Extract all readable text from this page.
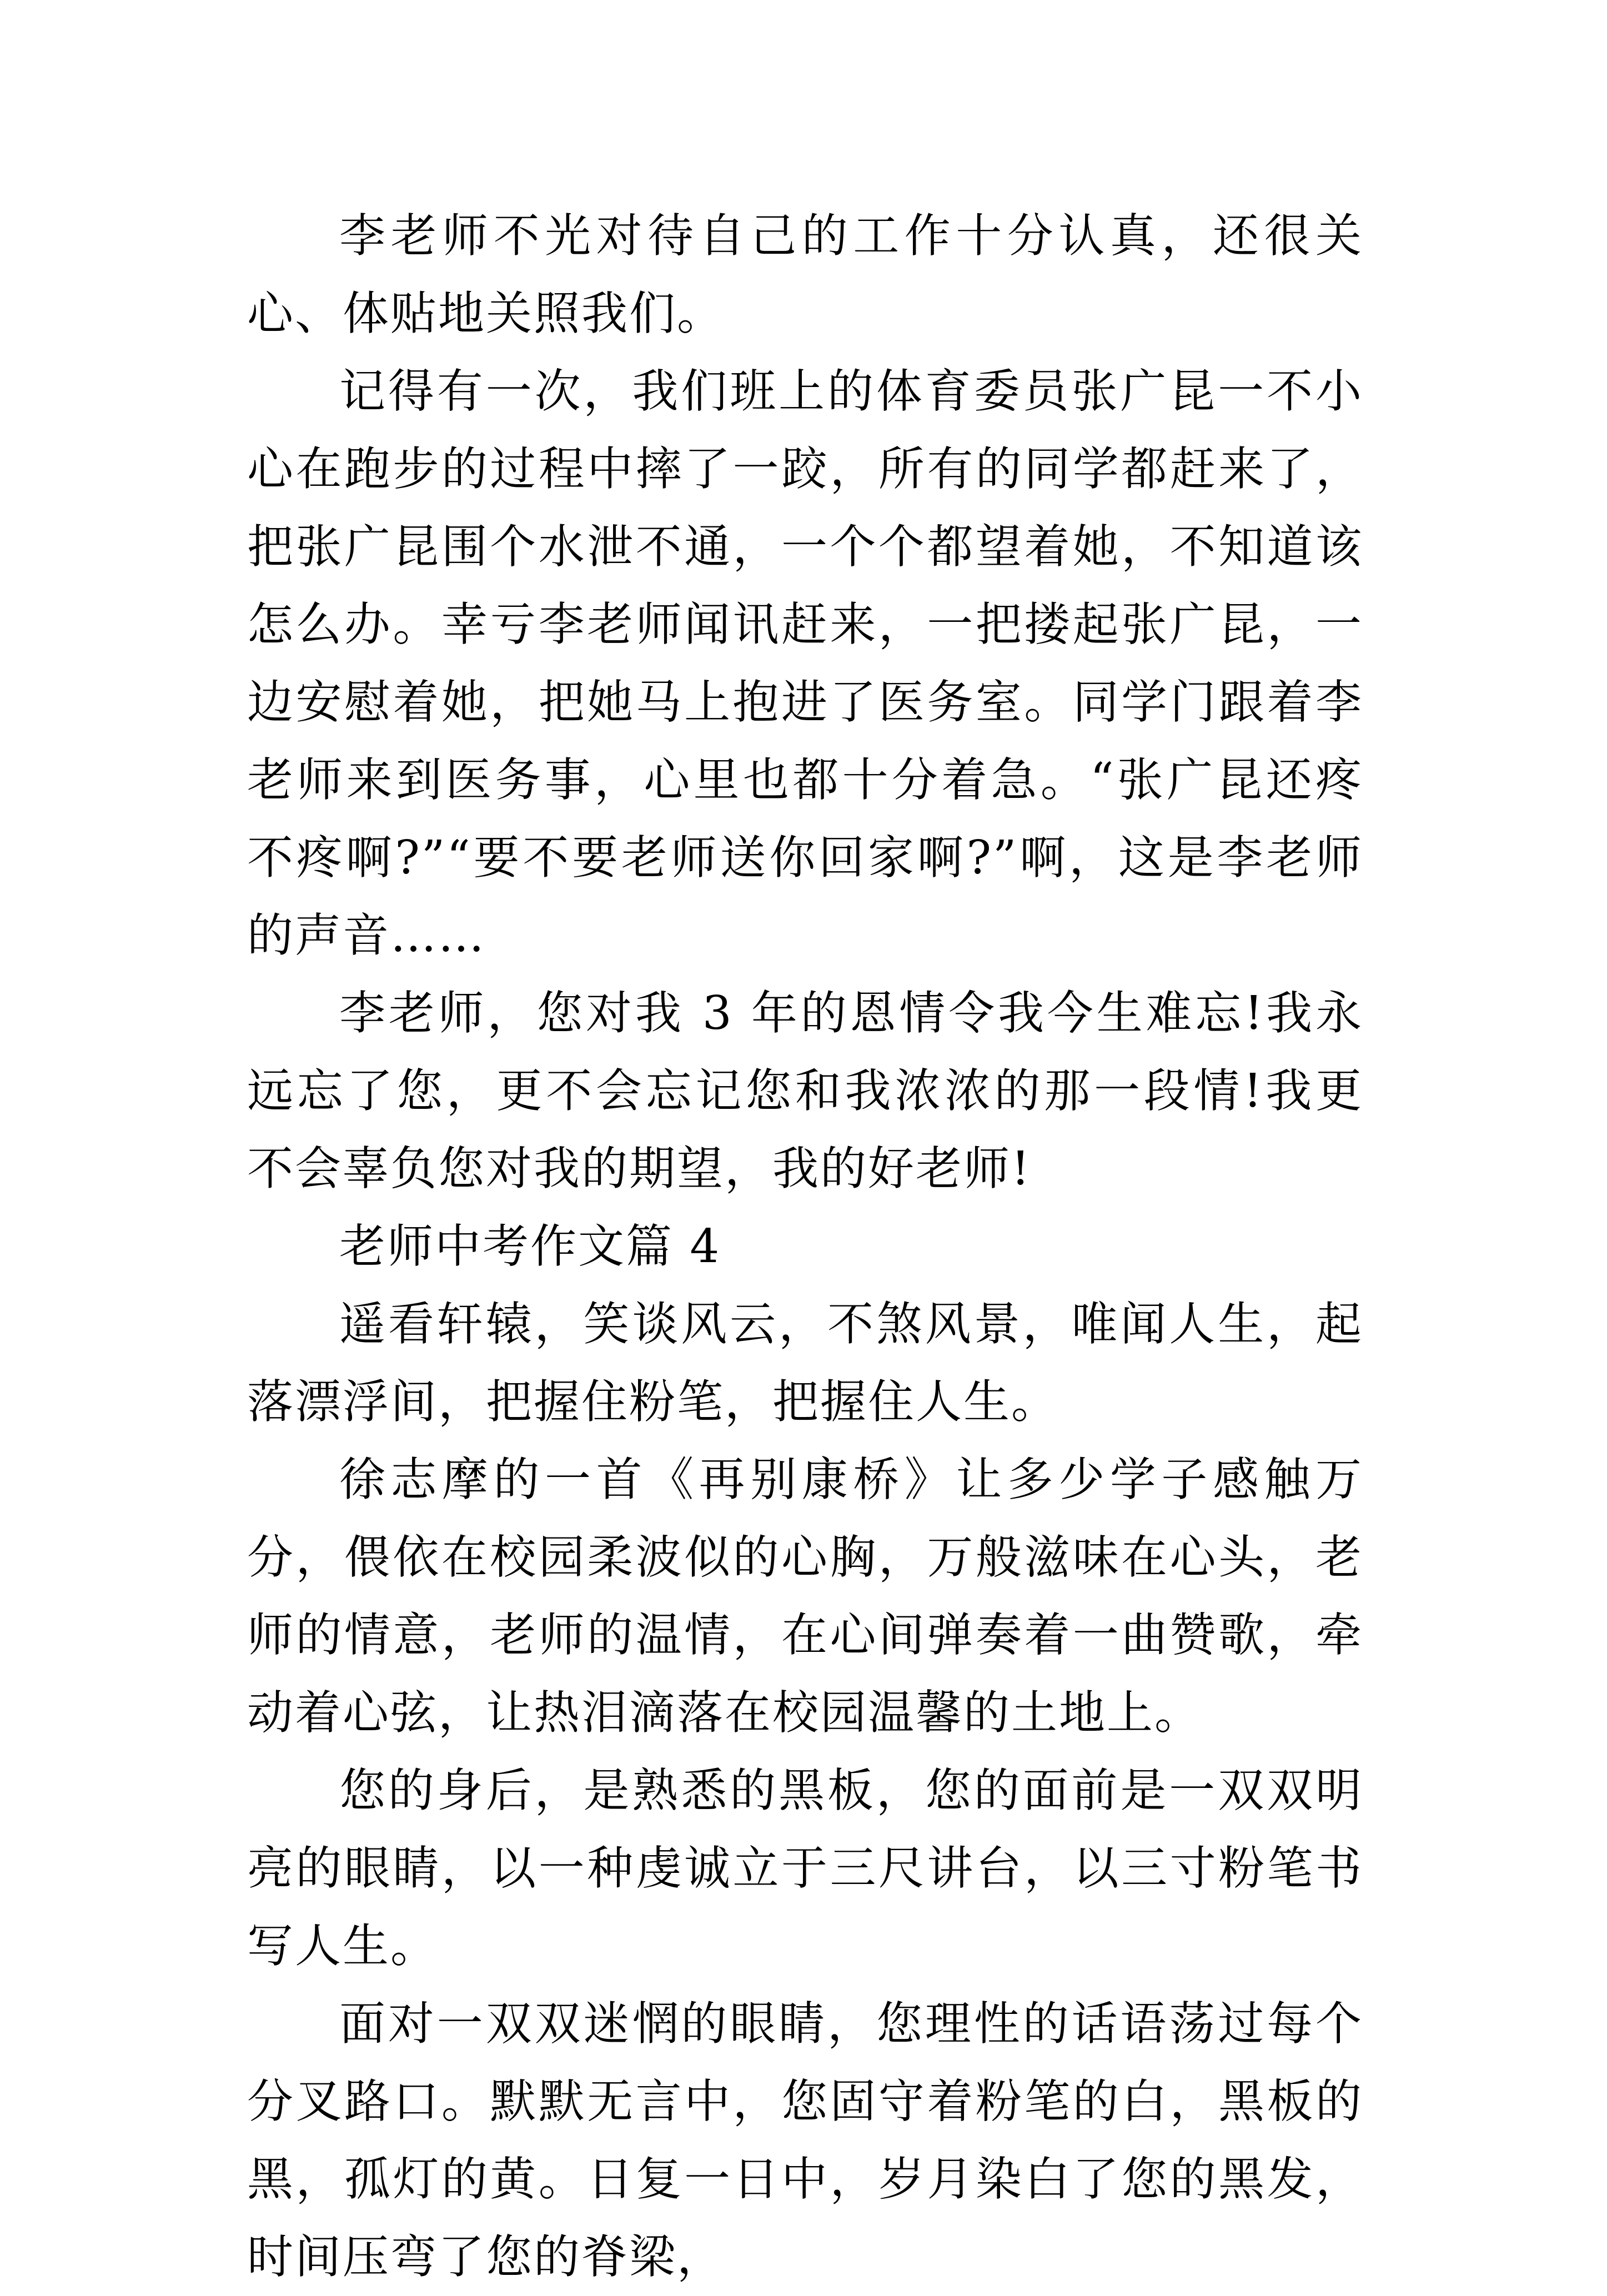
李老师不光对待自己的工作十分认真，还很关心、体贴地关照我们。

记得有一次，我们班上的体育委员张广昆一不小心在跑步的过程中摔了一跤，所有的同学都赶来了，把张广昆围个水泄不通，一个个都望着她，不知道该怎么办。幸亏李老师闻讯赶来，一把搂起张广昆，一边安慰着她，把她马上抱进了医务室。同学门跟着李老师来到医务事，心里也都十分着急。“张广昆还疼不疼啊?”“要不要老师送你回家啊?”啊，这是李老师的声音……

李老师，您对我 3 年的恩情令我今生难忘!我永远忘了您，更不会忘记您和我浓浓的那一段情!我更不会辜负您对我的期望，我的好老师!

老师中考作文篇 4

遥看轩辕，笑谈风云，不煞风景，唯闻人生，起落漂浮间，把握住粉笔，把握住人生。

徐志摩的一首《再别康桥》让多少学子感触万分，偎依在校园柔波似的心胸，万般滋味在心头，老师的情意，老师的温情，在心间弹奏着一曲赞歌，牵动着心弦，让热泪滴落在校园温馨的土地上。

您的身后，是熟悉的黑板，您的面前是一双双明亮的眼睛，以一种虔诚立于三尺讲台，以三寸粉笔书写人生。

面对一双双迷惘的眼睛，您理性的话语荡过每个分叉路口。默默无言中，您固守着粉笔的白，黑板的黑，孤灯的黄。日复一日中，岁月染白了您的黑发，时间压弯了您的脊梁，
